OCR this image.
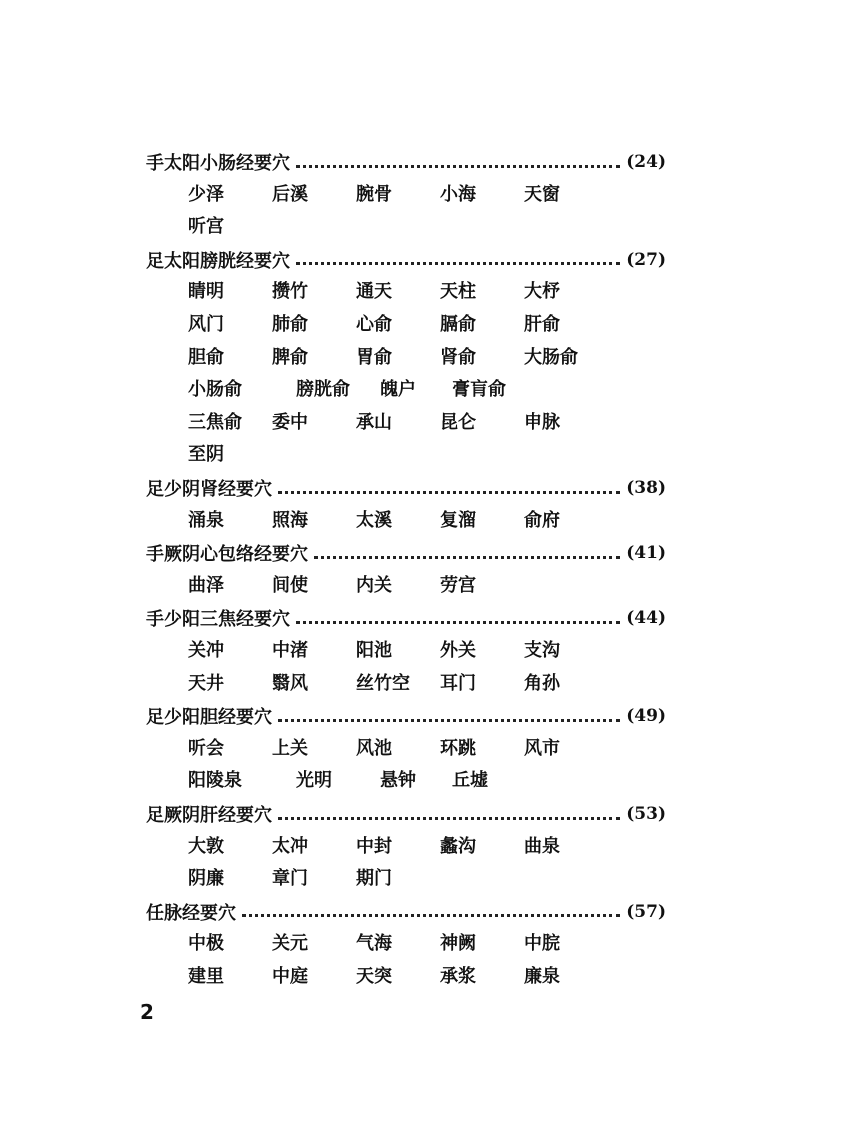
手太阳小肠经要穴	(24)
少泽	后溪	腕骨	小海	天窗
听宫
足太阳膀胱经要穴	(27)
睛明	攒竹	通天	天柱	大杼
风门	肺俞	心俞	膈俞	肝俞
胆俞	脾俞	胃俞	肾俞	大肠俞
小肠俞	膀胱俞 魄户 膏肓俞
三焦俞 委中	承山	昆仑	申脉
至阴
足少阴肾经要穴	(38)
涌泉	照海	太溪	复溜	俞府
手厥阴心包络经要穴	(41)
曲泽	间使	内关	劳宫
手少阳三焦经要穴	(44)
关冲	中渚	阳池	外关	支沟
天井	翳风	丝竹空 耳门	角孙
足少阳胆经要穴	(49)
听会	上关	风池	环跳	风市
阳陵泉	光明	悬钟 丘墟
足厥阴肝经要穴	(53)
大敦	太冲	中封	蠡沟	曲泉
阴廉	章门	期门
任脉经要穴	(57)
中极	关元	气海	神阙	中脘
建里	中庭	天突	承浆	廉泉
2
